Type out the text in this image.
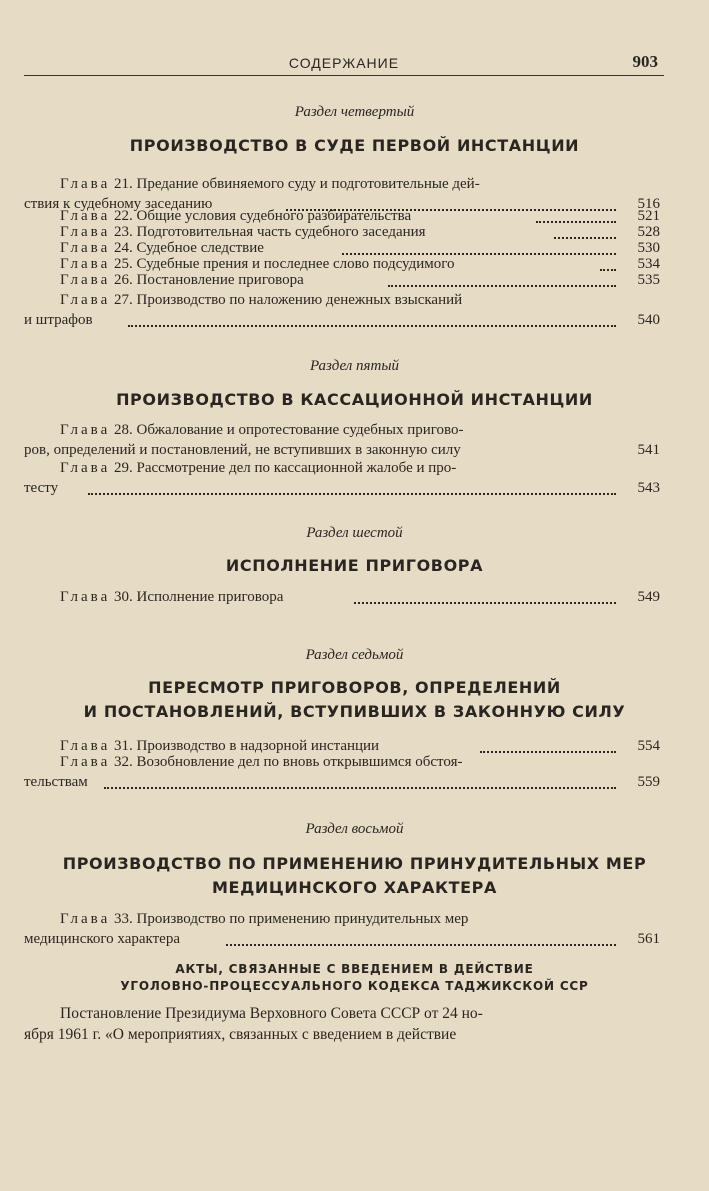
СОДЕРЖАНИЕ	903
Раздел четвертый
ПРОИЗВОДСТВО В СУДЕ ПЕРВОЙ ИНСТАНЦИИ
Глава 21. Предание обвиняемого суду и подготовительные дей-
ствия к судебному заседанию	516
Глава 22. Общие условия судебного разбирательства	521
Глава 23. Подготовительная часть судебного заседания	528
Глава 24. Судебное следствие	530
Глава 25. Судебные прения и последнее слово подсудимого	534
Глава 26. Постановление приговора	535
Глава 27. Производство по наложению денежных взысканий
и штрафов	540
Раздел пятый
ПРОИЗВОДСТВО В КАССАЦИОННОЙ ИНСТАНЦИИ
Глава 28. Обжалование и опротестование судебных пригово-
ров, определений и постановлений, не вступивших в законную силу	541
Глава 29. Рассмотрение дел по кассационной жалобе и про-
тесту	543
Раздел шестой
ИСПОЛНЕНИЕ ПРИГОВОРА
Глава 30. Исполнение приговора	549
Раздел седьмой
ПЕРЕСМОТР ПРИГОВОРОВ, ОПРЕДЕЛЕНИЙ
И ПОСТАНОВЛЕНИЙ, ВСТУПИВШИХ В ЗАКОННУЮ СИЛУ
Глава 31. Производство в надзорной инстанции	554
Глава 32. Возобновление дел по вновь открывшимся обстоя-
тельствам	559
Раздел восьмой
ПРОИЗВОДСТВО ПО ПРИМЕНЕНИЮ ПРИНУДИТЕЛЬНЫХ МЕР
МЕДИЦИНСКОГО ХАРАКТЕРА
Глава 33. Производство по применению принудительных мер
медицинского характера	561
АКТЫ, СВЯЗАННЫЕ С ВВЕДЕНИЕМ В ДЕЙСТВИЕ
УГОЛОВНО-ПРОЦЕССУАЛЬНОГО КОДЕКСА ТАДЖИКСКОЙ ССР
Постановление Президиума Верховного Совета СССР от 24 но-
ября 1961 г. «О мероприятиях, связанных с введением в действие
